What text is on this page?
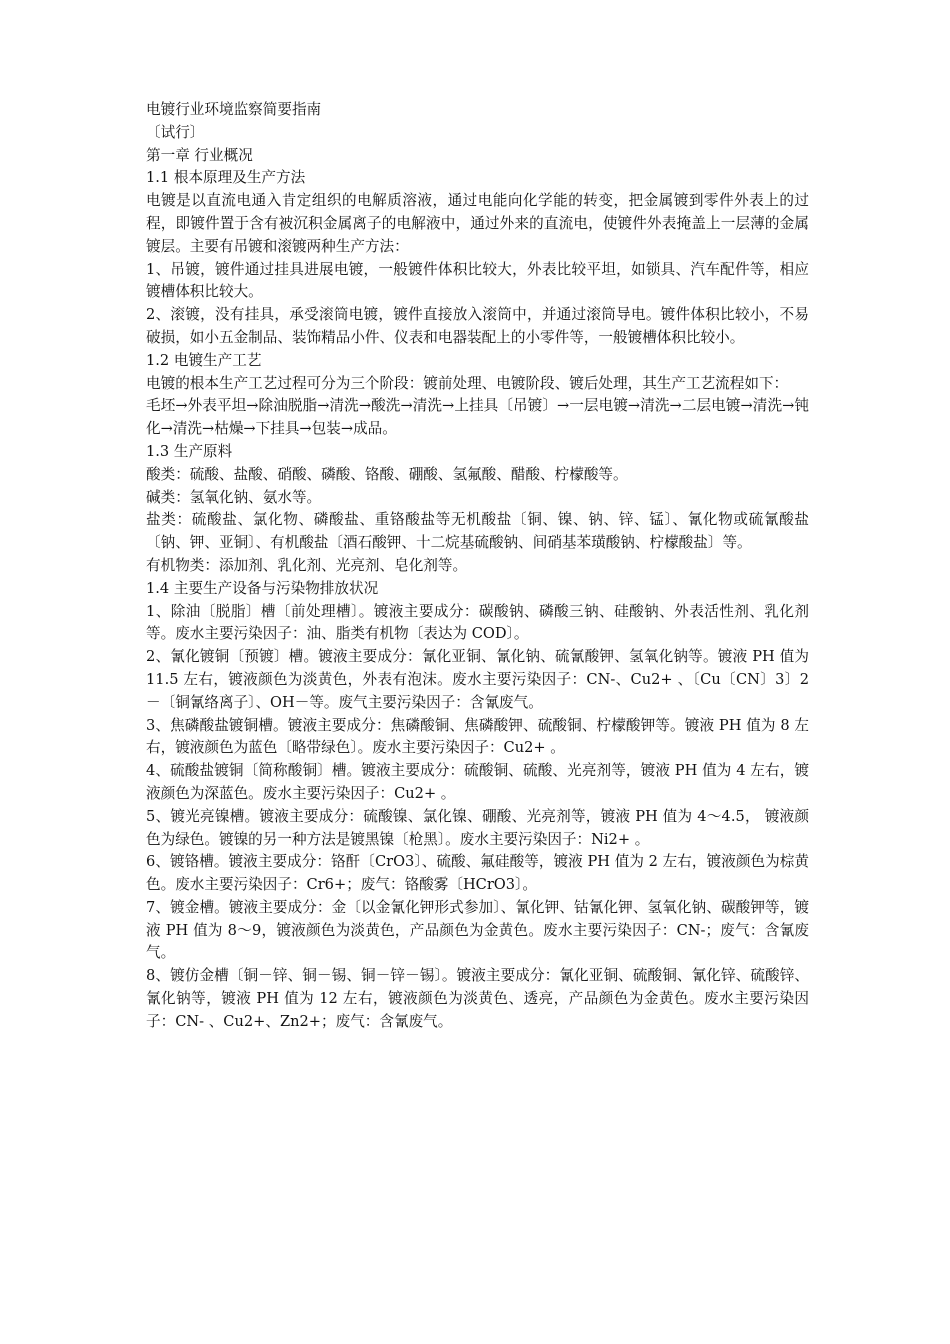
电镀行业环境监察简要指南
〔试行〕
第一章 行业概况
1.1 根本原理及生产方法
电镀是以直流电通入肯定组织的电解质溶液，通过电能向化学能的转变，把金属镀到零件外表上的过程，即镀件置于含有被沉积金属离子的电解液中，通过外来的直流电，使镀件外表掩盖上一层薄的金属镀层。主要有吊镀和滚镀两种生产方法：
1、吊镀，镀件通过挂具进展电镀，一般镀件体积比较大，外表比较平坦，如锁具、汽车配件等，相应镀槽体积比较大。
2、滚镀，没有挂具，承受滚筒电镀，镀件直接放入滚筒中，并通过滚筒导电。镀件体积比较小，不易破损，如小五金制品、装饰精品小件、仪表和电器装配上的小零件等，一般镀槽体积比较小。
1.2 电镀生产工艺
电镀的根本生产工艺过程可分为三个阶段：镀前处理、电镀阶段、镀后处理，其生产工艺流程如下：
毛坯→外表平坦→除油脱脂→清洗→酸洗→清洗→上挂具〔吊镀〕→一层电镀→清洗→二层电镀→清洗→钝化→清洗→枯燥→下挂具→包装→成品。
1.3 生产原料
酸类：硫酸、盐酸、硝酸、磷酸、铬酸、硼酸、氢氟酸、醋酸、柠檬酸等。
碱类：氢氧化钠、氨水等。
盐类：硫酸盐、氯化物、磷酸盐、重铬酸盐等无机酸盐〔铜、镍、钠、锌、锰〕、氰化物或硫氰酸盐〔钠、钾、亚铜〕、有机酸盐〔酒石酸钾、十二烷基硫酸钠、间硝基苯璜酸钠、柠檬酸盐〕等。
有机物类：添加剂、乳化剂、光亮剂、皂化剂等。
1.4 主要生产设备与污染物排放状况
1、除油〔脱脂〕槽〔前处理槽〕。镀液主要成分：碳酸钠、磷酸三钠、硅酸钠、外表活性剂、乳化剂等。废水主要污染因子：油、脂类有机物〔表达为 COD〕。
2、氰化镀铜〔预镀〕槽。镀液主要成分：氰化亚铜、氰化钠、硫氰酸钾、氢氧化钠等。镀液 PH 值为 11.5 左右，镀液颜色为淡黄色，外表有泡沫。废水主要污染因子：CN-、Cu2+ 、〔Cu〔CN〕3〕2－〔铜氰络离子〕、OH－等。废气主要污染因子：含氰废气。
3、焦磷酸盐镀铜槽。镀液主要成分：焦磷酸铜、焦磷酸钾、硫酸铜、柠檬酸钾等。镀液 PH 值为 8 左右，镀液颜色为蓝色〔略带绿色〕。废水主要污染因子：Cu2+ 。
4、硫酸盐镀铜〔简称酸铜〕槽。镀液主要成分：硫酸铜、硫酸、光亮剂等，镀液 PH 值为 4 左右，镀液颜色为深蓝色。废水主要污染因子：Cu2+ 。
5、镀光亮镍槽。镀液主要成分：硫酸镍、氯化镍、硼酸、光亮剂等，镀液 PH 值为 4～4.5， 镀液颜色为绿色。镀镍的另一种方法是镀黑镍〔枪黑〕。废水主要污染因子：Ni2+ 。
6、镀铬槽。镀液主要成分：铬酐〔CrO3〕、硫酸、氟硅酸等，镀液 PH 值为 2 左右，镀液颜色为棕黄色。废水主要污染因子：Cr6+；废气：铬酸雾〔HCrO3〕。
7、镀金槽。镀液主要成分：金〔以金氰化钾形式参加〕、氰化钾、钴氰化钾、氢氧化钠、碳酸钾等，镀液 PH 值为 8～9，镀液颜色为淡黄色，产品颜色为金黄色。废水主要污染因子：CN-；废气：含氰废气。
8、镀仿金槽〔铜－锌、铜－锡、铜－锌－锡〕。镀液主要成分：氰化亚铜、硫酸铜、氰化锌、硫酸锌、氰化钠等，镀液 PH 值为 12 左右，镀液颜色为淡黄色、透亮，产品颜色为金黄色。废水主要污染因子：CN- 、Cu2+、Zn2+；废气：含氰废气。
